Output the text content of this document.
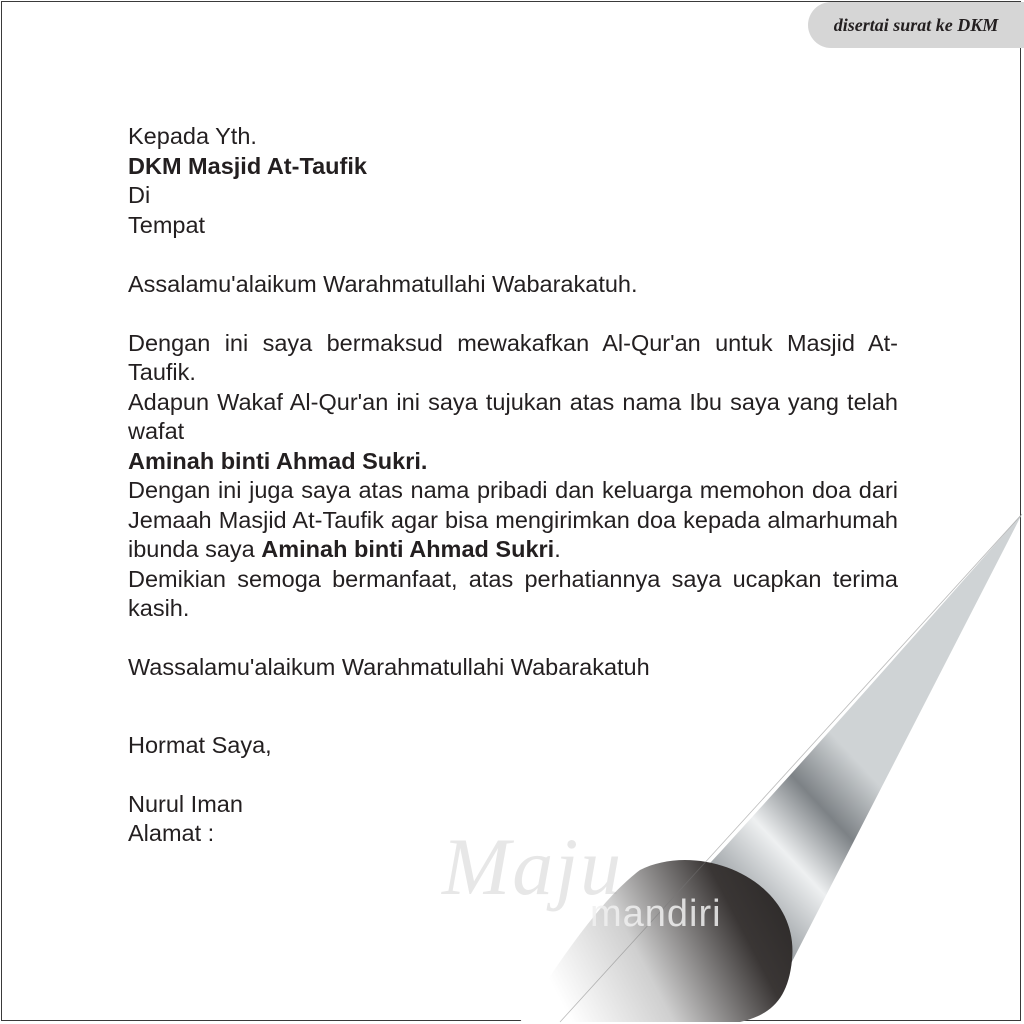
disertai surat ke DKM

Kepada Yth.

DKM Masjid At-Taufik

Di

Tempat

Assalamu'alaikum Warahmatullahi Wabarakatuh.

Dengan ini saya bermaksud mewakafkan Al-Qur'an untuk Masjid At-Taufik.

Adapun Wakaf Al-Qur'an ini saya tujukan atas nama Ibu saya yang telah wafat

Aminah binti Ahmad Sukri.

Dengan ini juga saya atas nama pribadi dan keluarga memohon doa dari Jemaah Masjid At-Taufik agar bisa mengirimkan doa kepada almarhumah ibunda saya Aminah binti Ahmad Sukri.

Demikian semoga bermanfaat, atas perhatiannya saya ucapkan terima kasih.

Wassalamu'alaikum Warahmatullahi Wabarakatuh

Hormat Saya,

Nurul Iman

Alamat :	Maju
mandiri
